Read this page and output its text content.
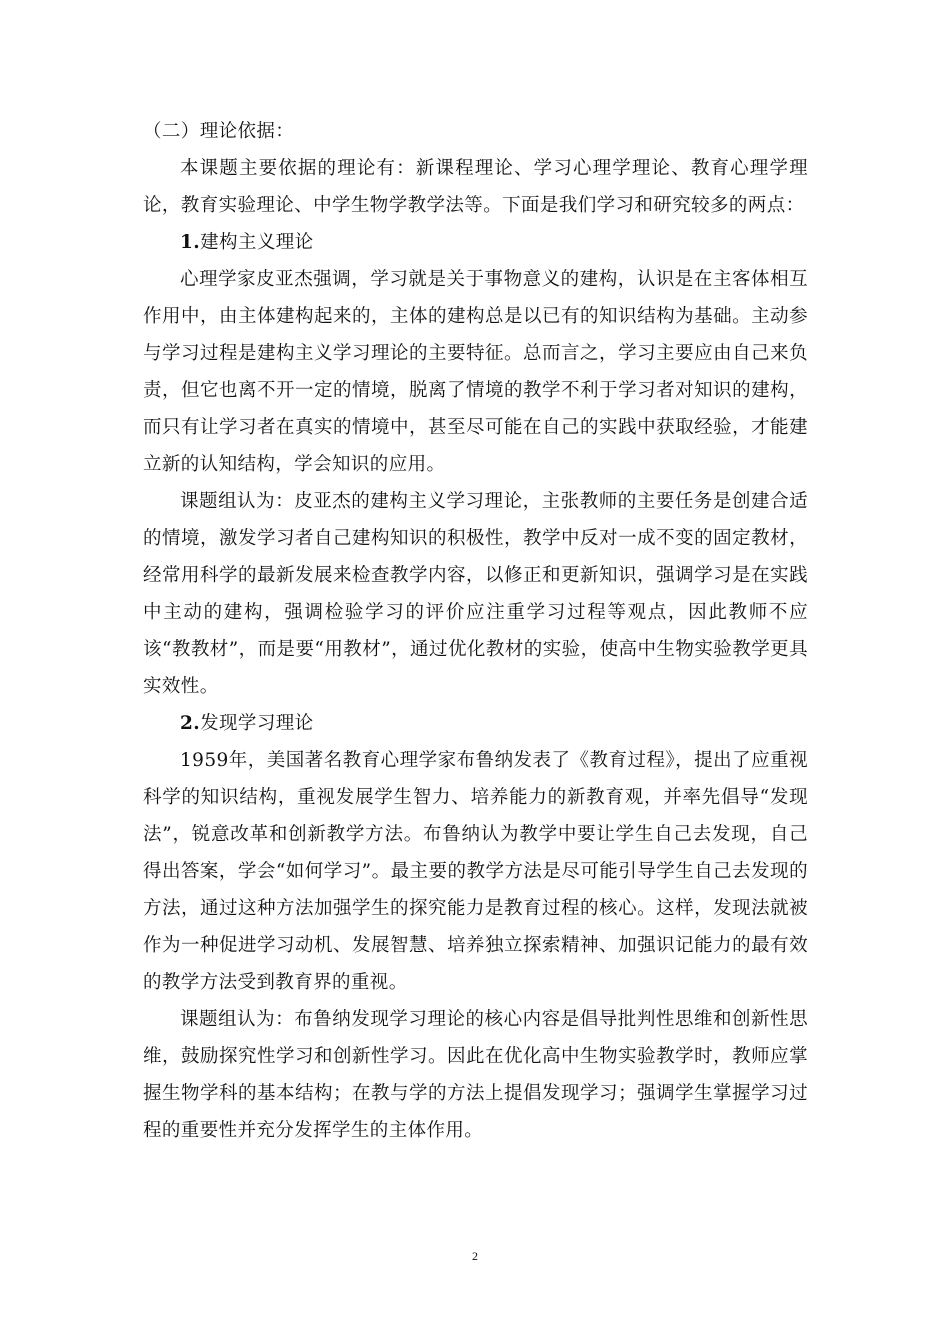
（二）理论依据：

本课题主要依据的理论有：新课程理论、学习心理学理论、教育心理学理论，教育实验理论、中学生物学教学法等。下面是我们学习和研究较多的两点：

1.建构主义理论

心理学家皮亚杰强调，学习就是关于事物意义的建构，认识是在主客体相互作用中，由主体建构起来的，主体的建构总是以已有的知识结构为基础。主动参与学习过程是建构主义学习理论的主要特征。总而言之，学习主要应由自己来负责，但它也离不开一定的情境，脱离了情境的教学不利于学习者对知识的建构，而只有让学习者在真实的情境中，甚至尽可能在自己的实践中获取经验，才能建立新的认知结构，学会知识的应用。

课题组认为：皮亚杰的建构主义学习理论，主张教师的主要任务是创建合适的情境，激发学习者自己建构知识的积极性，教学中反对一成不变的固定教材，经常用科学的最新发展来检查教学内容，以修正和更新知识，强调学习是在实践中主动的建构，强调检验学习的评价应注重学习过程等观点，因此教师不应该“教教材”，而是要“用教材”，通过优化教材的实验，使高中生物实验教学更具实效性。

2.发现学习理论

1959年，美国著名教育心理学家布鲁纳发表了《教育过程》，提出了应重视科学的知识结构，重视发展学生智力、培养能力的新教育观，并率先倡导“发现法”，锐意改革和创新教学方法。布鲁纳认为教学中要让学生自己去发现，自己得出答案，学会“如何学习”。最主要的教学方法是尽可能引导学生自己去发现的方法，通过这种方法加强学生的探究能力是教育过程的核心。这样，发现法就被作为一种促进学习动机、发展智慧、培养独立探索精神、加强识记能力的最有效的教学方法受到教育界的重视。

课题组认为：布鲁纳发现学习理论的核心内容是倡导批判性思维和创新性思维，鼓励探究性学习和创新性学习。因此在优化高中生物实验教学时，教师应掌握生物学科的基本结构；在教与学的方法上提倡发现学习；强调学生掌握学习过程的重要性并充分发挥学生的主体作用。

2
